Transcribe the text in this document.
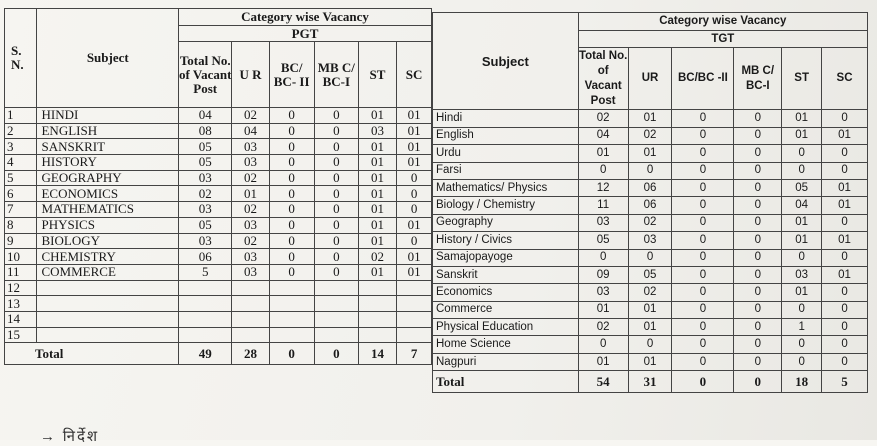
S. N.	Subject	Category wise Vacancy					
		PGT					
		Total No. of Vacant Post	U R	BC/ BC- II	MB C/ BC-I	ST	SC
1	HINDI	04	02	0	0	01	01
2	ENGLISH	08	04	0	0	03	01
3	SANSKRIT	05	03	0	0	01	01
4	HISTORY	05	03	0	0	01	01
5	GEOGRAPHY	03	02	0	0	01	0
6	ECONOMICS	02	01	0	0	01	0
7	MATHEMATICS	03	02	0	0	01	0
8	PHYSICS	05	03	0	0	01	01
9	BIOLOGY	03	02	0	0	01	0
10	CHEMISTRY	06	03	0	0	02	01
11	COMMERCE	5	03	0	0	01	01
12							
13							
14							
15							
Total		49	28	0	0	14	7
Subject	Category wise Vacancy					
	TGT					
	Total No. of Vacant Post	UR	BC/BC -II	MB C/ BC-I	ST	SC
Hindi	02	01	0	0	01	0
English	04	02	0	0	01	01
Urdu	01	01	0	0	0	0
Farsi	0	0	0	0	0	0
Mathematics/ Physics	12	06	0	0	05	01
Biology / Chemistry	11	06	0	0	04	01
Geography	03	02	0	0	01	0
History / Civics	05	03	0	0	01	01
Samajopayoge	0	0	0	0	0	0
Sanskrit	09	05	0	0	03	01
Economics	03	02	0	0	01	0
Commerce	01	01	0	0	0	0
Physical Education	02	01	0	0	1	0
Home Science	0	0	0	0	0	0
Nagpuri	01	01	0	0	0	0
Total	54	31	0	0	18	5
→ निर्देश
